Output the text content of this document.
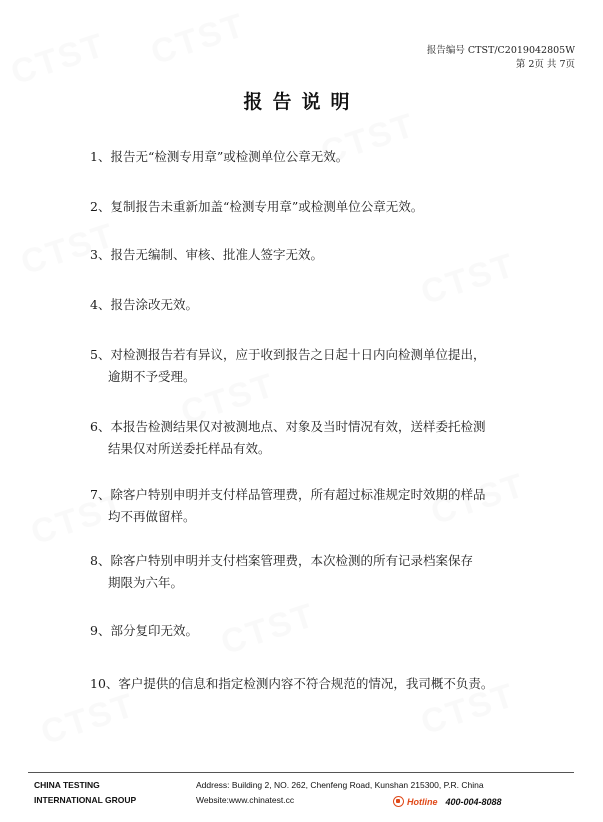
报告编号 CTST/C2019042805W
第 2页 共 7页
报告说明
1、报告无“检测专用章”或检测单位公章无效。
2、复制报告未重新加盖“检测专用章”或检测单位公章无效。
3、报告无编制、审核、批准人签字无效。
4、报告涂改无效。
5、对检测报告若有异议，应于收到报告之日起十日内向检测单位提出，
逾期不予受理。
6、本报告检测结果仅对被测地点、对象及当时情况有效，送样委托检测
结果仅对所送委托样品有效。
7、除客户特别申明并支付样品管理费，所有超过标准规定时效期的样品
均不再做留样。
8、除客户特别申明并支付档案管理费，本次检测的所有记录档案保存
期限为六年。
9、部分复印无效。
10、客户提供的信息和指定检测内容不符合规范的情况，我司概不负责。
CHINA TESTING
INTERNATIONAL GROUP
Address: Building 2, NO. 262, Chenfeng Road, Kunshan 215300, P.R. China
Website:www.chinatest.cc	Hotline 400-004-8088
